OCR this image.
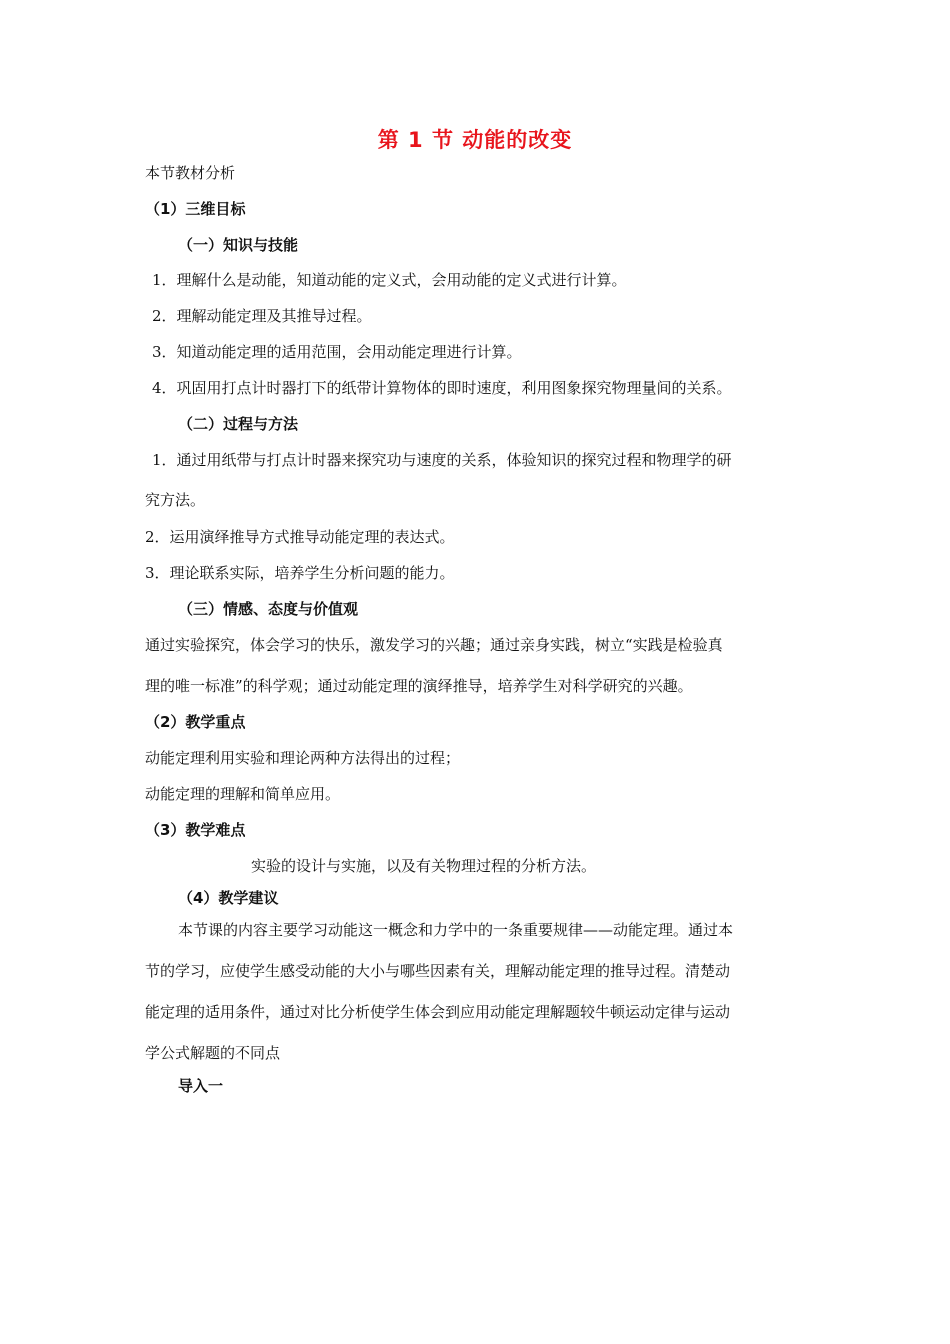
第 1 节 动能的改变
本节教材分析
（1）三维目标
（一）知识与技能
1．理解什么是动能，知道动能的定义式，会用动能的定义式进行计算。
2．理解动能定理及其推导过程。
3．知道动能定理的适用范围，会用动能定理进行计算。
4．巩固用打点计时器打下的纸带计算物体的即时速度，利用图象探究物理量间的关系。
（二）过程与方法
1．通过用纸带与打点计时器来探究功与速度的关系，体验知识的探究过程和物理学的研
究方法。
2．运用演绎推导方式推导动能定理的表达式。
3．理论联系实际，培养学生分析问题的能力。
（三）情感、态度与价值观
通过实验探究，体会学习的快乐，激发学习的兴趣；通过亲身实践，树立“实践是检验真
理的唯一标准”的科学观；通过动能定理的演绎推导，培养学生对科学研究的兴趣。
（2）教学重点
动能定理利用实验和理论两种方法得出的过程；
动能定理的理解和简单应用。
（3）教学难点
实验的设计与实施，以及有关物理过程的分析方法。
（4）教学建议
本节课的内容主要学习动能这一概念和力学中的一条重要规律——动能定理。通过本
节的学习，应使学生感受动能的大小与哪些因素有关，理解动能定理的推导过程。清楚动
能定理的适用条件，通过对比分析使学生体会到应用动能定理解题较牛顿运动定律与运动
学公式解题的不同点
导入一
